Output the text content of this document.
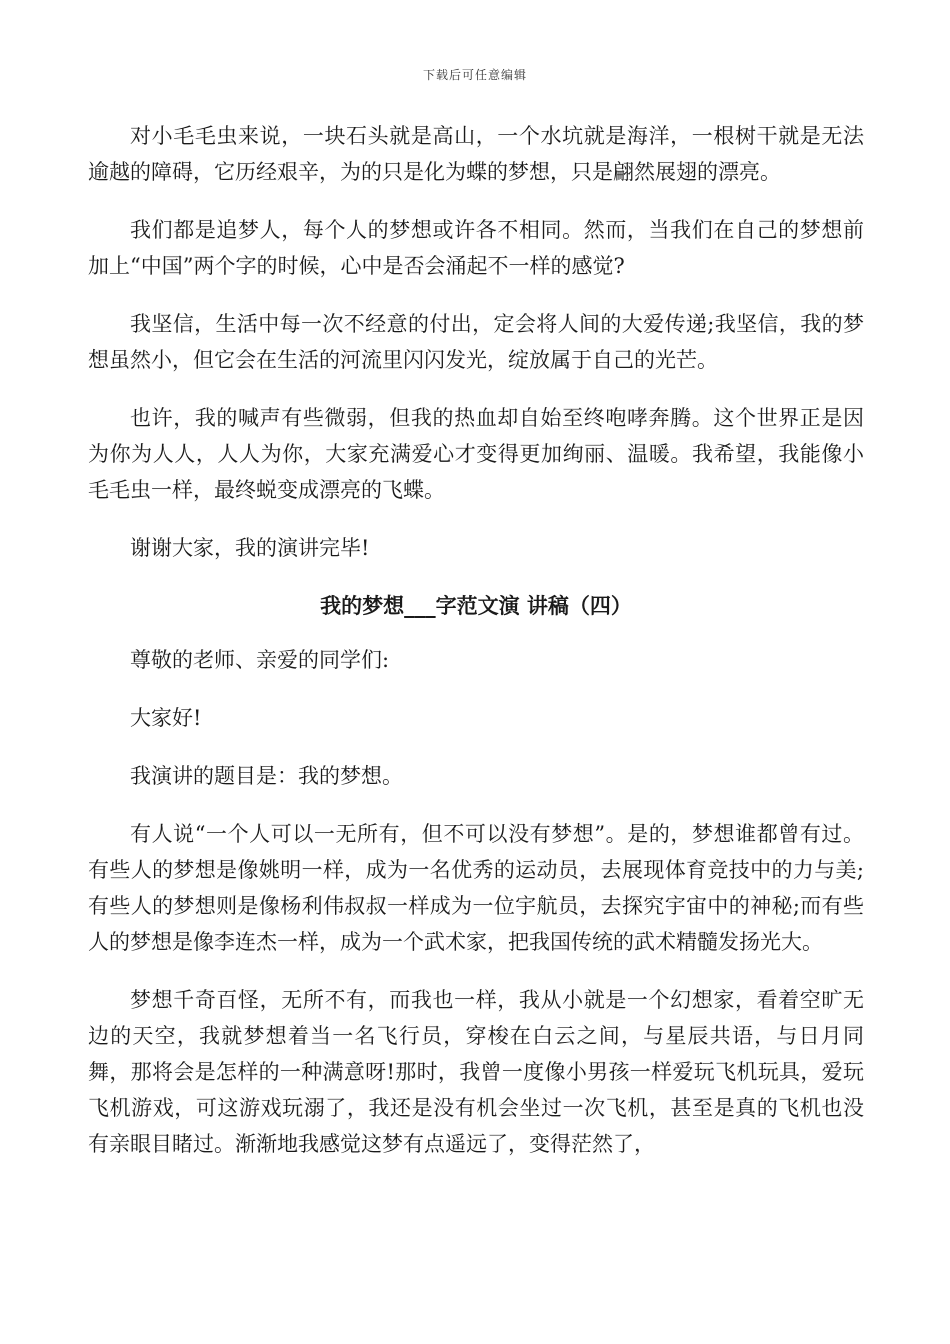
下载后可任意编辑

对小毛毛虫来说，一块石头就是高山，一个水坑就是海洋，一根树干就是无法逾越的障碍，它历经艰辛，为的只是化为蝶的梦想，只是翩然展翅的漂亮。

我们都是追梦人，每个人的梦想或许各不相同。然而，当我们在自己的梦想前加上“中国”两个字的时候，心中是否会涌起不一样的感觉?

我坚信，生活中每一次不经意的付出，定会将人间的大爱传递;我坚信，我的梦想虽然小，但它会在生活的河流里闪闪发光，绽放属于自己的光芒。

也许，我的喊声有些微弱，但我的热血却自始至终咆哮奔腾。这个世界正是因为你为人人，人人为你，大家充满爱心才变得更加绚丽、温暖。我希望，我能像小毛毛虫一样，最终蜕变成漂亮的飞蝶。

谢谢大家，我的演讲完毕!

我的梦想___字范文演 讲稿（四）

尊敬的老师、亲爱的同学们:

大家好!

我演讲的题目是：我的梦想。

有人说“一个人可以一无所有，但不可以没有梦想”。是的，梦想谁都曾有过。有些人的梦想是像姚明一样，成为一名优秀的运动员，去展现体育竞技中的力与美;有些人的梦想则是像杨利伟叔叔一样成为一位宇航员，去探究宇宙中的神秘;而有些人的梦想是像李连杰一样，成为一个武术家，把我国传统的武术精髓发扬光大。

梦想千奇百怪，无所不有，而我也一样，我从小就是一个幻想家，看着空旷无边的天空，我就梦想着当一名飞行员，穿梭在白云之间，与星辰共语，与日月同舞，那将会是怎样的一种满意呀!那时，我曾一度像小男孩一样爱玩飞机玩具，爱玩飞机游戏，可这游戏玩溺了，我还是没有机会坐过一次飞机，甚至是真的飞机也没有亲眼目睹过。渐渐地我感觉这梦有点遥远了，变得茫然了，
